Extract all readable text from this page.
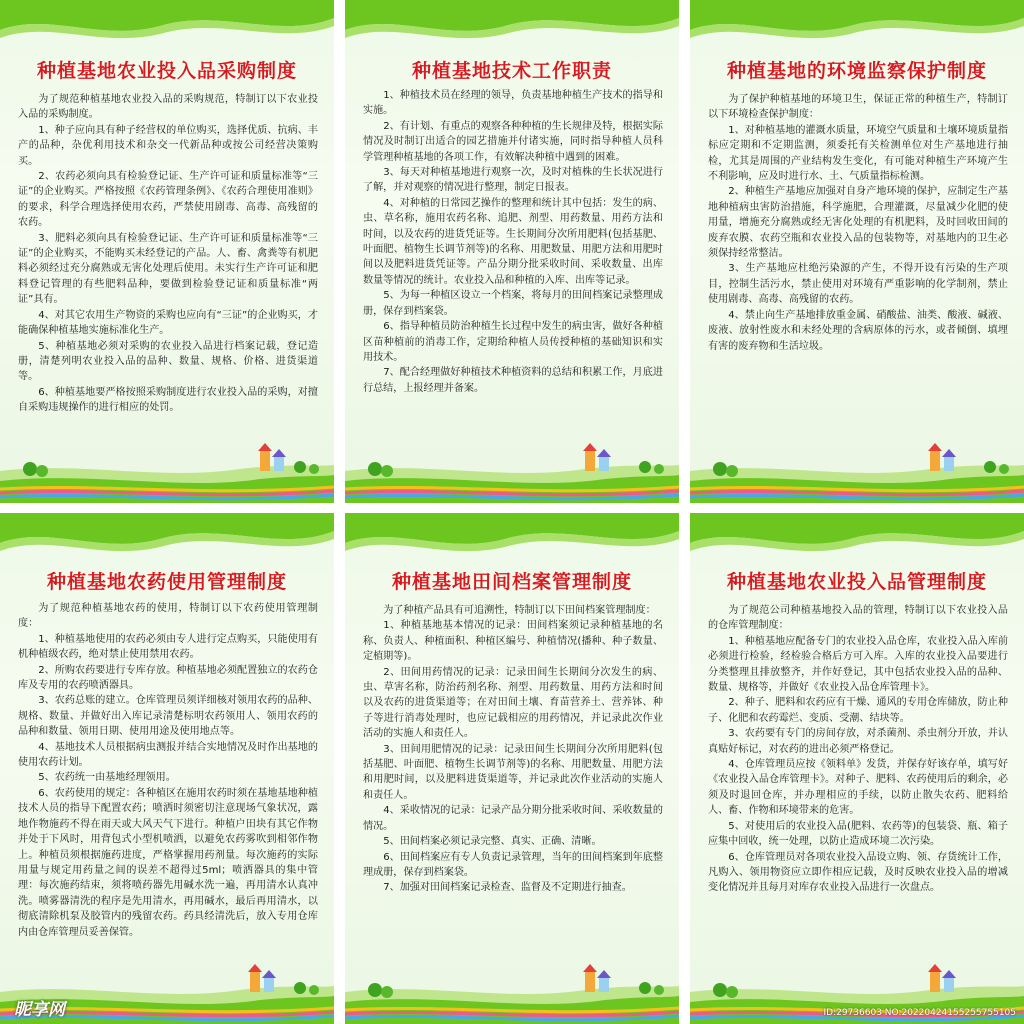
种植基地农业投入品采购制度

为了规范种植基地农业投入品的采购规范，特制订以下农业投入品的采购制度。

1、种子应向具有种子经营权的单位购买，选择优质、抗病、丰产的品种，杂优利用技术和杂交一代新品种或按公司经营决策购买。

2、农药必须向具有检验登记证、生产许可证和质量标准等“三证”的企业购买。严格按照《农药管理条例》、《农药合理使用准则》的要求，科学合理选择使用农药，严禁使用剧毒、高毒、高残留的农药。

3、肥料必须向具有检验登记证、生产许可证和质量标准等“三证”的企业购买，不能购买未经登记的产品。人、畜、禽粪等有机肥料必须经过充分腐熟或无害化处理后使用。未实行生产许可证和肥料登记管理的有些肥料品种，要做到检验登记证和质量标准“两证”具有。

4、对其它农用生产物资的采购也应向有“三证”的企业购买，才能确保种植基地实施标准化生产。

5、种植基地必须对采购的农业投入品进行档案记载，登记造册，清楚列明农业投入品的品种、数量、规格、价格、进货渠道等。

6、种植基地要严格按照采购制度进行农业投入品的采购，对擅自采购违规操作的进行相应的处罚。

种植基地技术工作职责

1、种植技术员在经理的领导，负责基地种植生产技术的指导和实施。

2、有计划、有重点的观察各种种植的生长规律及特，根据实际情况及时制订出适合的园艺措施并付诸实施，同时指导种植人员科学管理种植基地的各项工作，有效解决种植中遇到的困难。

3、每天对种植基地进行观察一次，及时对植株的生长状况进行了解，并对观察的情况进行整理，制定日报表。

4、对种植的日常园艺操作的整理和统计其中包括：发生的病、虫、草名称，施用农药名称、追肥、剂型、用药数量、用药方法和时间，以及农药的进货凭证等。生长期间分次所用肥料(包括基肥、叶面肥、植物生长调节剂等)的名称、用肥数量、用肥方法和用肥时间以及肥料进货凭证等。产品分期分批采收时间、采收数量、出库数量等情况的统计。农业投入品和种植的入库、出库等记录。

5、为每一种植区设立一个档案，将每月的田间档案记录整理成册，保存到档案袋。

6、指导种植员防治种植生长过程中发生的病虫害，做好各种植区苗种植前的消毒工作，定期给种植人员传授种植的基础知识和实用技术。

7、配合经理做好种植技术种植资料的总结和积累工作，月底进行总结，上报经理并备案。

种植基地的环境监察保护制度

为了保护种植基地的环境卫生，保证正常的种植生产，特制订以下环境检查保护制度：

1、对种植基地的灌溉水质量，环境空气质量和土壤环境质量指标应定期和不定期监测，须委托有关检测单位对生产基地进行抽检，尤其是周围的产业结构发生变化，有可能对种植生产环境产生不利影响，应及时进行水、土、气质量指标检测。

2、种植生产基地应加强对自身产地环境的保护，应制定生产基地种植病虫害防治措施，科学施肥，合理灌溉，尽量减少化肥的使用量，增施充分腐熟或经无害化处理的有机肥料，及时回收田间的废弃农膜、农药空瓶和农业投入品的包装物等，对基地内的卫生必须保持经常整洁。

3、生产基地应杜绝污染源的产生，不得开设有污染的生产项目，控制生活污水，禁止使用对环境有严重影响的化学制剂，禁止使用剧毒、高毒、高残留的农药。

4、禁止向生产基地排放重金属、硝酸盐、油类、酸液、碱液、废液、放射性废水和未经处理的含病原体的污水，或者倾倒、填埋有害的废弃物和生活垃圾。

种植基地农药使用管理制度

为了规范种植基地农药的使用，特制订以下农药使用管理制度：

1、种植基地使用的农药必须由专人进行定点购买，只能使用有机种植级农药，绝对禁止使用禁用农药。

2、所购农药要进行专库存放。种植基地必须配置独立的农药仓库及专用的农药喷洒器具。

3、农药总账的建立。仓库管理员须详细核对领用农药的品种、规格、数量、并做好出入库记录清楚标明农药领用人、领用农药的品种和数量、领用日期、使用用途及使用地点等。

4、基地技术人员根据病虫测报并结合实地情况及时作出基地的使用农药计划。

5、农药统一由基地经理领用。

6、农药使用的规定：各种植区在施用农药时须在基地基地种植技术人员的指导下配置农药；喷洒时须密切注意现场气象状况，露地作物施药不得在雨天或大风天气下进行。种植户田块有其它作物并处于下风时，用背包式小型机喷洒，以避免农药雾吹到相邻作物上。种植员须根据施药进度，严格掌握用药剂量。每次施药的实际用量与规定用药量之间的误差不超得过5ml；喷洒器具的集中管理：每次施药结束，须将喷药器先用碱水洗一遍，再用清水认真冲洗。喷雾器清洗的程序是先用清水，再用碱水，最后再用清水，以彻底清除机泵及胶管内的残留农药。药具经清洗后，放入专用仓库内由仓库管理员妥善保管。

种植基地田间档案管理制度

为了种植产品具有可追溯性，特制订以下田间档案管理制度：

1、种植基地基本情况的记录：田间档案须记录种植基地的名称、负责人、种植面积、种植区编号、种植情况(播种、种子数量、定植期等)。

2、田间用药情况的记录：记录田间生长期间分次发生的病、虫、草害名称，防治药剂名称、剂型、用药数量、用药方法和时间以及农药的进货渠道等；在对田间土壤、育苗营养土、营养钵、种子等进行消毒处理时，也应记载相应的用药情况，并记录此次作业活动的实施人和责任人。

3、田间用肥情况的记录：记录田间生长期间分次所用肥料(包括基肥、叶面肥、植物生长调节剂等)的名称、用肥数量、用肥方法和用肥时间，以及肥料进货渠道等，并记录此次作业活动的实施人和责任人。

4、采收情况的记录：记录产品分期分批采收时间、采收数量的情况。

5、田间档案必须记录完整、真实、正确、清晰。

6、田间档案应有专人负责记录管理，当年的田间档案到年底整理成册，保存到档案袋。

7、加强对田间档案记录检查、监督及不定期进行抽查。

种植基地农业投入品管理制度

为了规范公司种植基地投入品的管理，特制订以下农业投入品的仓库管理制度：

1、种植基地应配备专门的农业投入品仓库，农业投入品入库前必须进行检验，经检验合格后方可入库。入库的农业投入品要进行分类整理且排放整齐，并作好登记，其中包括农业投入品的品种、数量、规格等，并做好《农业投入品仓库管理卡》。

2、种子、肥料和农药应有干燥、通风的专用仓库储放，防止种子、化肥和农药霉烂、变质、受潮、结块等。

3、农药要有专门的房间存放，对杀菌剂、杀虫剂分开放，并认真贴好标记，对农药的进出必须严格登记。

4、仓库管理员应按《领料单》发货，并保存好该存单，填写好《农业投入品仓库管理卡》。对种子、肥料、农药使用后的剩余，必须及时退回仓库，并办理相应的手续，以防止散失农药、肥料给人、畜、作物和环境带来的危害。

5、对使用后的农业投入品(肥料、农药等)的包装袋、瓶、箱子应集中回收，统一处理，以防止造成环境二次污染。

6、仓库管理员对各项农业投入品设立购、领、存货统计工作，凡购入、领用物资应立即作相应记载，及时反映农业投入品的增减变化情况并且每月对库存农业投入品进行一次盘点。

昵享网	ID:29736603 NO:20220424155255755105
